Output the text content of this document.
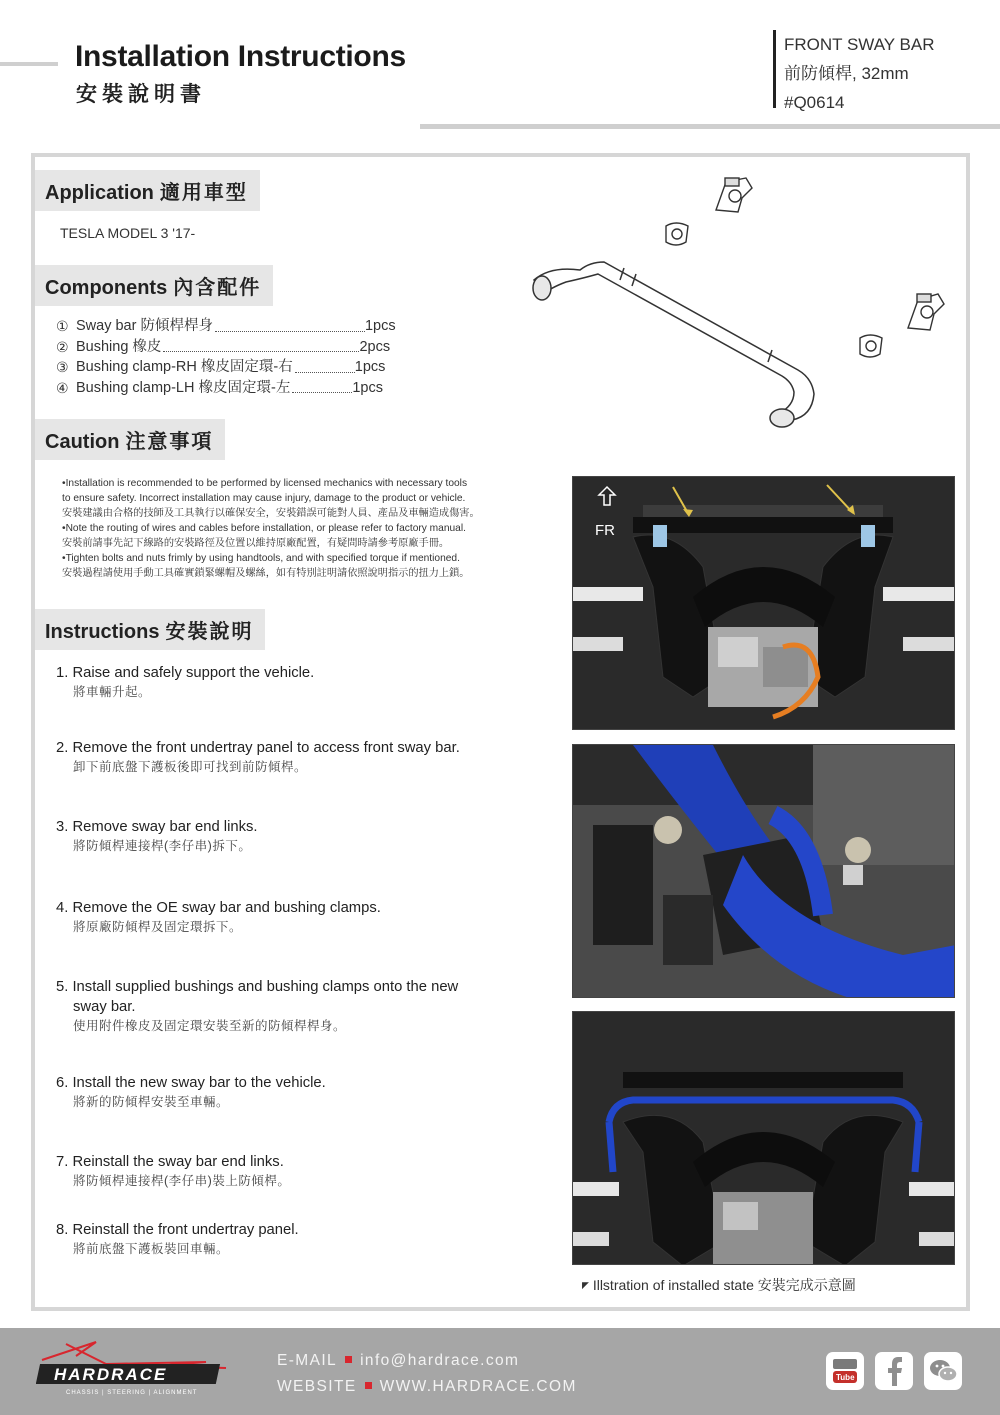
Installation Instructions
安裝說明書
FRONT SWAY BAR
前防傾桿, 32mm
#Q0614
Application 適用車型
TESLA MODEL 3 '17-
Components 內含配件
① Sway bar 防傾桿桿身	1pcs
② Bushing 橡皮	2pcs
③ Bushing clamp-RH 橡皮固定環-右	1pcs
④ Bushing clamp-LH 橡皮固定環-左	1pcs
Caution 注意事項

•Installation is recommended to be performed by licensed mechanics with necessary tools

to ensure safety. Incorrect installation may cause injury, damage to the product or vehicle.

安裝建議由合格的技師及工具執行以確保安全，安裝錯誤可能對人員、產品及車輛造成傷害。

•Note the routing of wires and cables before installation, or please refer to factory manual.

安裝前請事先記下線路的安裝路徑及位置以維持原廠配置，有疑問時請參考原廠手冊。

•Tighten bolts and nuts frimly by using handtools, and with specified torque if mentioned.

安裝過程請使用手動工具確實鎖緊螺帽及螺絲，如有特別註明請依照說明指示的扭力上鎖。

Instructions 安裝說明
1. Raise and safely support the vehicle.
將車輛升起。
2. Remove the front undertray panel to access front sway bar.
卸下前底盤下護板後即可找到前防傾桿。
3. Remove sway bar end links.
將防傾桿連接桿(李仔串)拆下。
4. Remove the OE sway bar and bushing clamps.
將原廠防傾桿及固定環拆下。
5. Install supplied bushings and bushing clamps onto the new
sway bar.
使用附件橡皮及固定環安裝至新的防傾桿桿身。
6. Install the new sway bar to the vehicle.
將新的防傾桿安裝至車輛。
7. Reinstall the sway bar end links.
將防傾桿連接桿(李仔串)裝上防傾桿。
8. Reinstall the front undertray panel.
將前底盤下護板裝回車輛。
FR
◤ Illstration of installed state 安裝完成示意圖
HARDRACE
CHASSIS | STEERING | ALIGNMENT
E-MAIL info@hardrace.com
WEBSITE WWW.HARDRACE.COM
Tube
